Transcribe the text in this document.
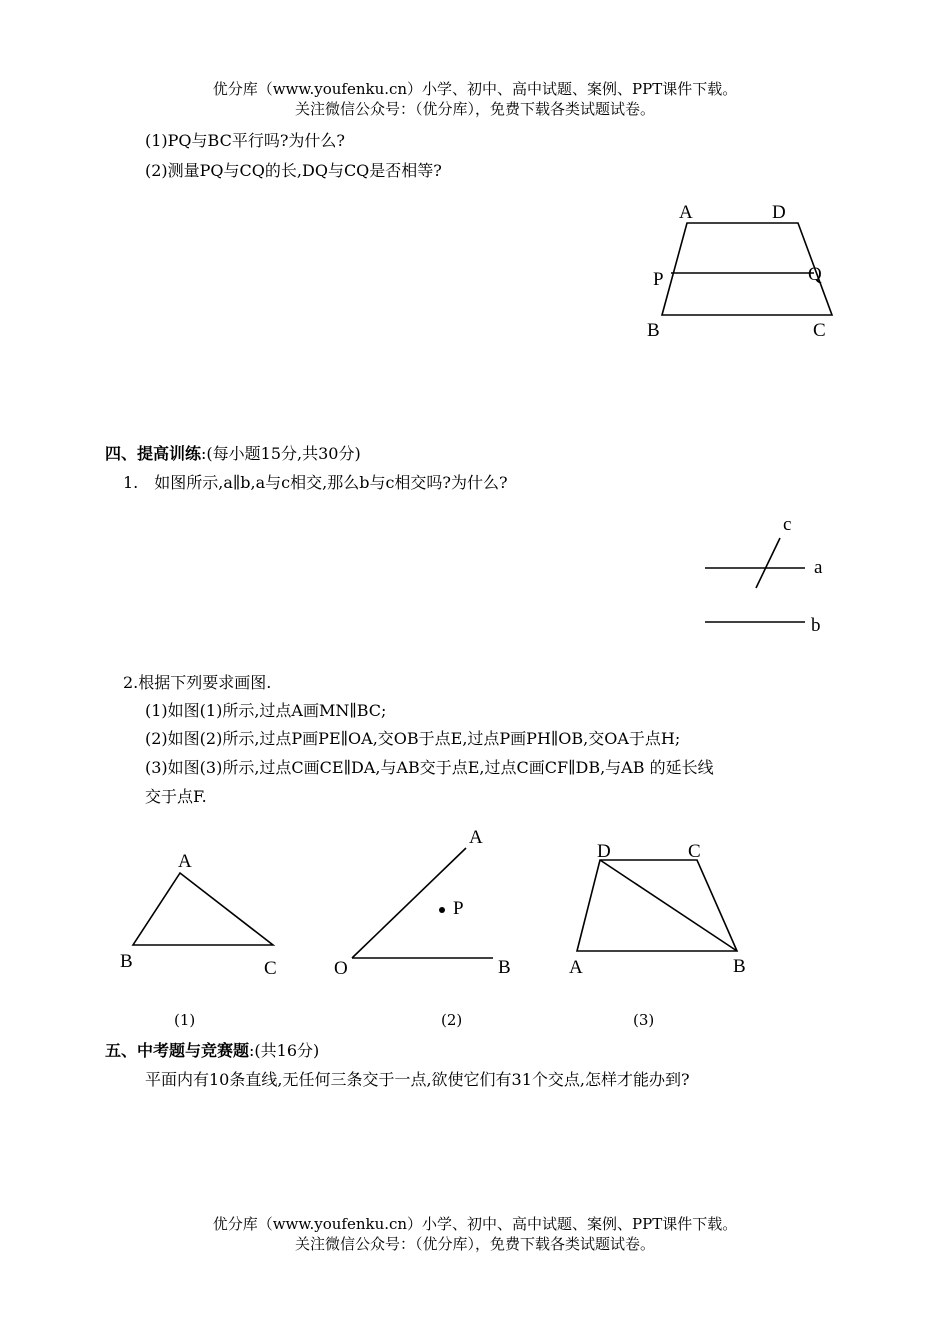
优分库（www.youfenku.cn）小学、初中、高中试题、案例、PPT课件下载。
关注微信公众号：（优分库），免费下载各类试题试卷。
(1)PQ与BC平行吗?为什么?
(2)测量PQ与CQ的长,DQ与CQ是否相等?
A	D
P	Q
B	C
四、提高训练:(每小题15分,共30分)
1.　如图所示,a∥b,a与c相交,那么b与c相交吗?为什么?
c
a
b
2.根据下列要求画图.
(1)如图(1)所示,过点A画MN∥BC;
(2)如图(2)所示,过点P画PE∥OA,交OB于点E,过点P画PH∥OB,交OA于点H;
(3)如图(3)所示,过点C画CE∥DA,与AB交于点E,过点C画CF∥DB,与AB 的延长线
交于点F.
A
B	C
A
P
O	B
D	C
A	B
(1)	(2)	(3)
五、中考题与竞赛题:(共16分)
平面内有10条直线,无任何三条交于一点,欲使它们有31个交点,怎样才能办到?
优分库（www.youfenku.cn）小学、初中、高中试题、案例、PPT课件下载。
关注微信公众号：（优分库），免费下载各类试题试卷。
